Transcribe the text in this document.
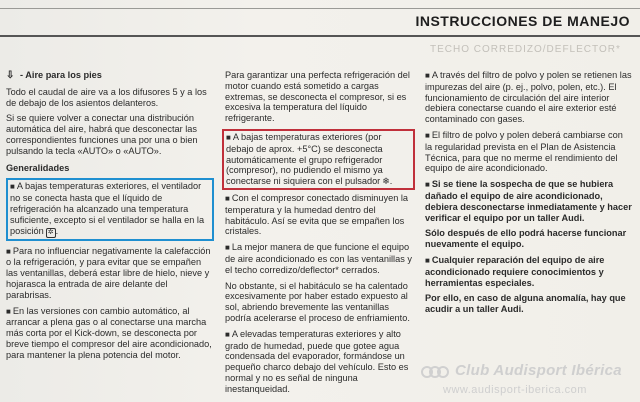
INSTRUCCIONES DE MANEJO
TECHO CORREDIZO/DEFLECTOR*

⇩ - Aire para los pies

Todo el caudal de aire va a los difusores 5 y a los de debajo de los asientos delanteros.

Si se quiere volver a conectar una distribución automática del aire, habrá que desconectar las correspondientes funciones una por una o bien pulsando la tecla «AUTO» o «AUTO».

Generalidades

■ A bajas temperaturas exteriores, el ventilador no se conecta hasta que el líquido de refrigeración ha alcanzado una temperatura suficiente, excepto si el ventilador se halla en la posición ✲ .

■ Para no influenciar negativamente la calefacción o la refrigeración, y para evitar que se empañen las ventanillas, deberá estar libre de hielo, nieve y hojarasca la entrada de aire delante del parabrisas.

■ En las versiones con cambio automático, al arrancar a plena gas o al conectarse una marcha más corta por el Kick-down, se desconecta por breve tiempo el compresor del aire acondicionado, para mantener la plena potencia del motor.

Para garantizar una perfecta refrigeración del motor cuando está sometido a cargas extremas, se desconecta el compresor, si es excesiva la temperatura del líquido refrigerante.

■ A bajas temperaturas exteriores (por debajo de aprox. +5°C) se desconecta automáticamente el grupo refrigerador (compresor), no pudiendo el mismo ya conectarse ni siquiera con el pulsador ❄.

■ Con el compresor conectado disminuyen la temperatura y la humedad dentro del habitáculo. Así se evita que se empañen los cristales.

■ La mejor manera de que funcione el equipo de aire acondicionado es con las ventanillas y el techo corredizo/deflector* cerrados.

No obstante, si el habitáculo se ha calentado excesivamente por haber estado expuesto al sol, abriendo brevemente las ventanillas podría acelerarse el proceso de enfriamiento.

■ A elevadas temperaturas exteriores y alto grado de humedad, puede que gotee agua condensada del evaporador, formándose un pequeño charco debajo del vehículo. Esto es normal y no es señal de ninguna inestanqueidad.

■ A través del filtro de polvo y polen se retienen las impurezas del aire (p. ej., polvo, polen, etc.). El funcionamiento de circulación del aire interior debiera conectarse cuando el aire exterior esté contaminado con gases.

■ El filtro de polvo y polen deberá cambiarse con la regularidad prevista en el Plan de Asistencia Técnica, para que no merme el rendimiento del equipo de aire acondicionado.

■ Si se tiene la sospecha de que se hubiera dañado el equipo de aire acondicionado, debiera desconectarse inmediatamente y hacer verificar el equipo por un taller Audi.

Sólo después de ello podrá hacerse funcionar nuevamente el equipo.

■ Cualquier reparación del equipo de aire acondicionado requiere conocimientos y herramientas especiales.

Por ello, en caso de alguna anomalía, hay que acudir a un taller Audi.

Club Audisport Ibérica
www.audisport-iberica.com
